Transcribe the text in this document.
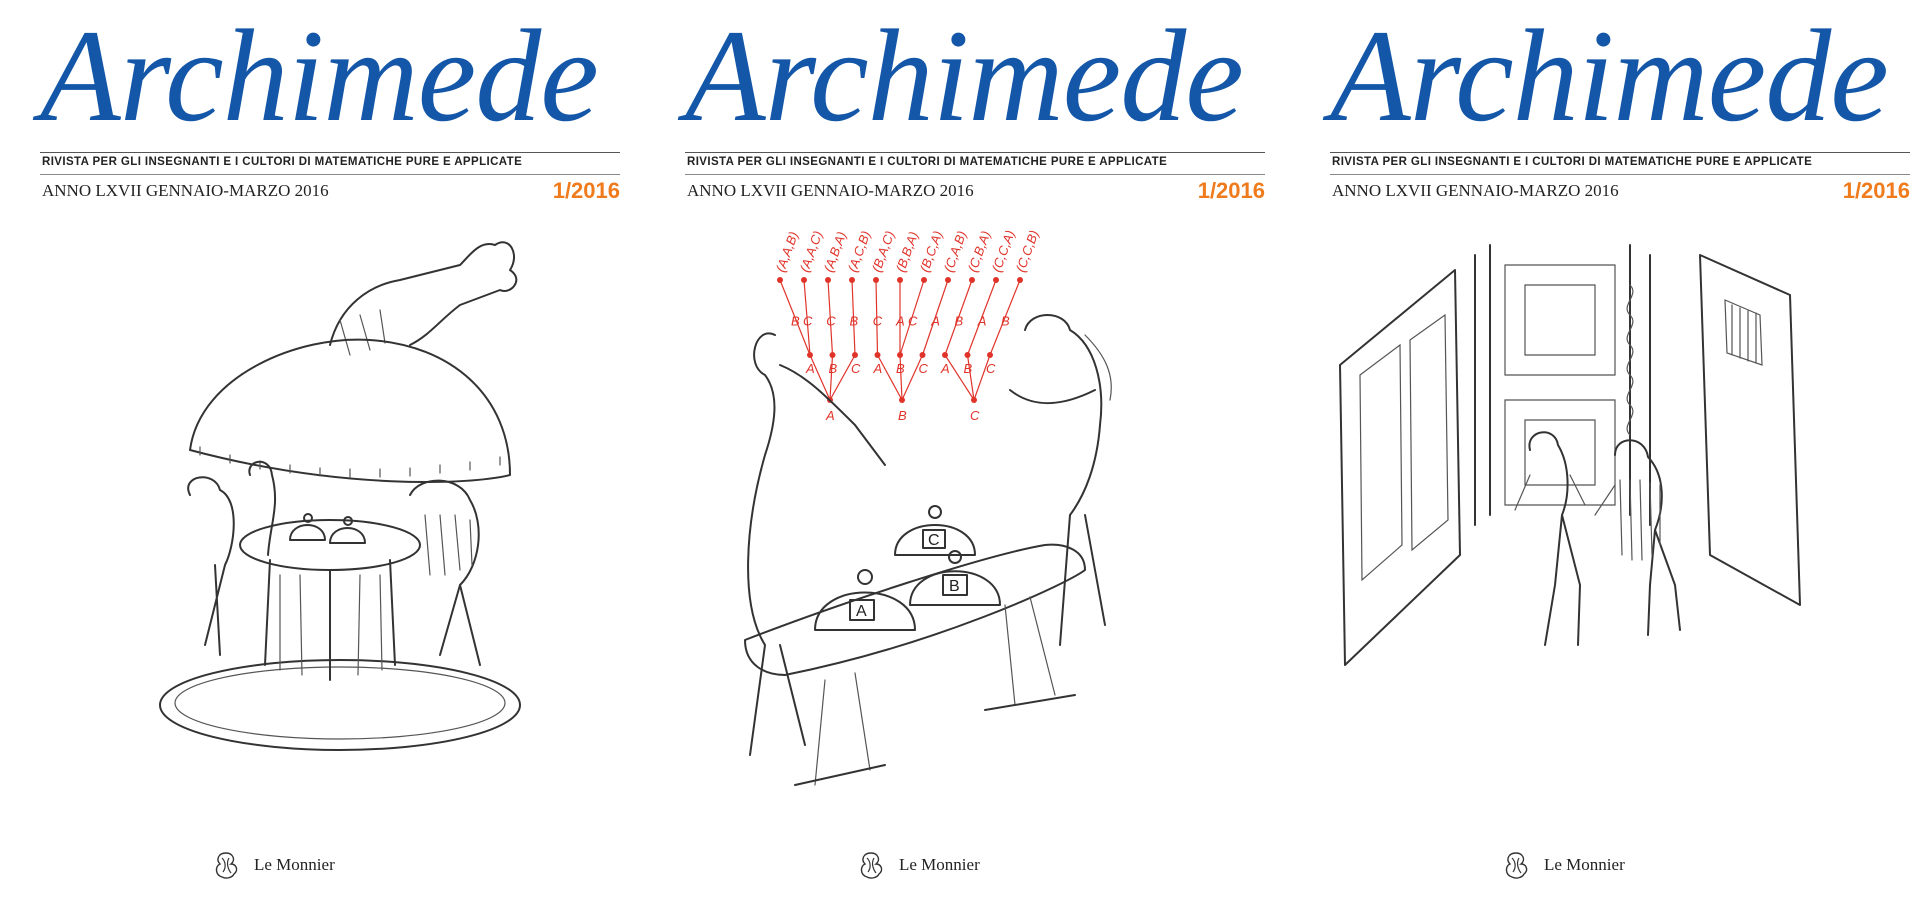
Archimede
RIVISTA PER GLI INSEGNANTI E I CULTORI DI MATEMATICHE PURE E APPLICATE
ANNO LXVII GENNAIO-MARZO 2016	1/2016
Le Monnier
Archimede
RIVISTA PER GLI INSEGNANTI E I CULTORI DI MATEMATICHE PURE E APPLICATE
ANNO LXVII GENNAIO-MARZO 2016	1/2016
(A,A,B)
(A,A,C)
(A,B,A)
(A,C,B)
(B,A,C)
(B,B,A)
(B,C,A)
(C,A,B)
(C,B,A)
(C,C,A)
(C,C,B)
A B C A B C A B C
B C C B C A C A B A B
A	B	C
C
A
B
Le Monnier
Archimede
RIVISTA PER GLI INSEGNANTI E I CULTORI DI MATEMATICHE PURE E APPLICATE
ANNO LXVII GENNAIO-MARZO 2016	1/2016
Le Monnier
